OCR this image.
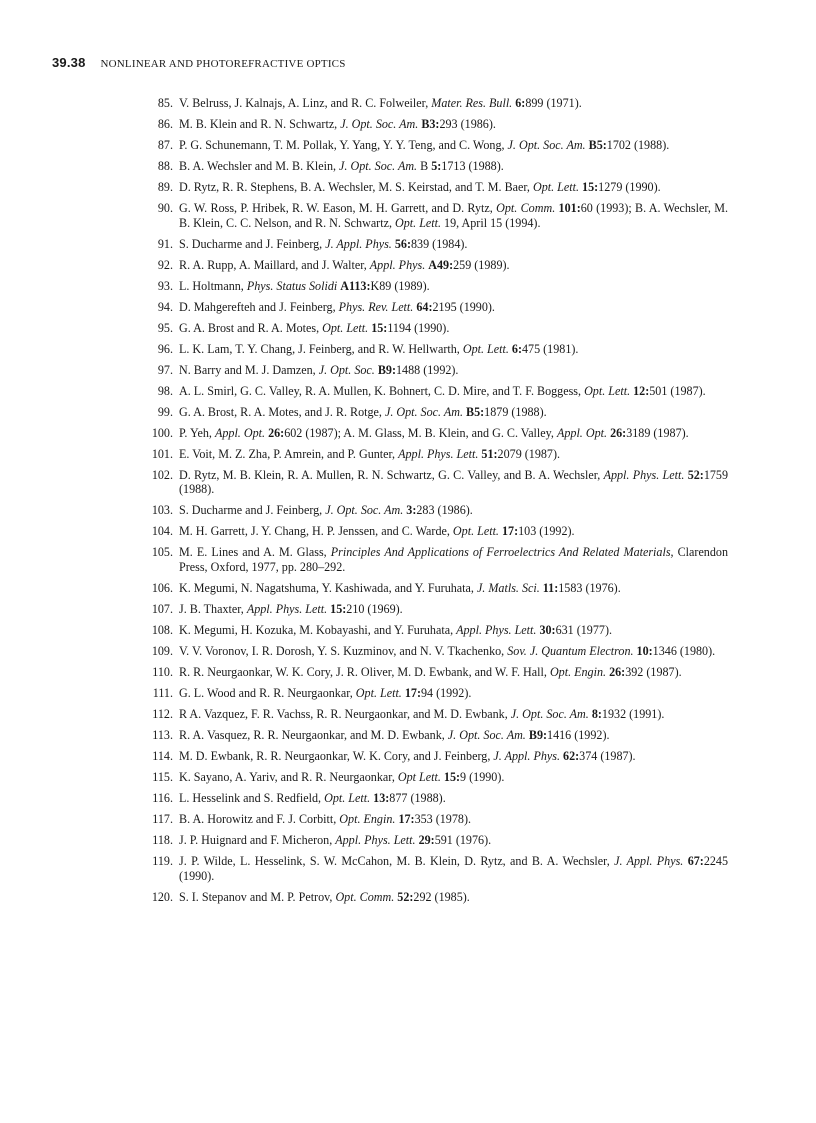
39.38 NONLINEAR AND PHOTOREFRACTIVE OPTICS
85. V. Belruss, J. Kalnajs, A. Linz, and R. C. Folweiler, Mater. Res. Bull. 6:899 (1971).
86. M. B. Klein and R. N. Schwartz, J. Opt. Soc. Am. B3:293 (1986).
87. P. G. Schunemann, T. M. Pollak, Y. Yang, Y. Y. Teng, and C. Wong, J. Opt. Soc. Am. B5:1702 (1988).
88. B. A. Wechsler and M. B. Klein, J. Opt. Soc. Am. B 5:1713 (1988).
89. D. Rytz, R. R. Stephens, B. A. Wechsler, M. S. Keirstad, and T. M. Baer, Opt. Lett. 15:1279 (1990).
90. G. W. Ross, P. Hribek, R. W. Eason, M. H. Garrett, and D. Rytz, Opt. Comm. 101:60 (1993); B. A. Wechsler, M. B. Klein, C. C. Nelson, and R. N. Schwartz, Opt. Lett. 19, April 15 (1994).
91. S. Ducharme and J. Feinberg, J. Appl. Phys. 56:839 (1984).
92. R. A. Rupp, A. Maillard, and J. Walter, Appl. Phys. A49:259 (1989).
93. L. Holtmann, Phys. Status Solidi A113:K89 (1989).
94. D. Mahgerefteh and J. Feinberg, Phys. Rev. Lett. 64:2195 (1990).
95. G. A. Brost and R. A. Motes, Opt. Lett. 15:1194 (1990).
96. L. K. Lam, T. Y. Chang, J. Feinberg, and R. W. Hellwarth, Opt. Lett. 6:475 (1981).
97. N. Barry and M. J. Damzen, J. Opt. Soc. B9:1488 (1992).
98. A. L. Smirl, G. C. Valley, R. A. Mullen, K. Bohnert, C. D. Mire, and T. F. Boggess, Opt. Lett. 12:501 (1987).
99. G. A. Brost, R. A. Motes, and J. R. Rotge, J. Opt. Soc. Am. B5:1879 (1988).
100. P. Yeh, Appl. Opt. 26:602 (1987); A. M. Glass, M. B. Klein, and G. C. Valley, Appl. Opt. 26:3189 (1987).
101. E. Voit, M. Z. Zha, P. Amrein, and P. Gunter, Appl. Phys. Lett. 51:2079 (1987).
102. D. Rytz, M. B. Klein, R. A. Mullen, R. N. Schwartz, G. C. Valley, and B. A. Wechsler, Appl. Phys. Lett. 52:1759 (1988).
103. S. Ducharme and J. Feinberg, J. Opt. Soc. Am. 3:283 (1986).
104. M. H. Garrett, J. Y. Chang, H. P. Jenssen, and C. Warde, Opt. Lett. 17:103 (1992).
105. M. E. Lines and A. M. Glass, Principles And Applications of Ferroelectrics And Related Materials, Clarendon Press, Oxford, 1977, pp. 280–292.
106. K. Megumi, N. Nagatshuma, Y. Kashiwada, and Y. Furuhata, J. Matls. Sci. 11:1583 (1976).
107. J. B. Thaxter, Appl. Phys. Lett. 15:210 (1969).
108. K. Megumi, H. Kozuka, M. Kobayashi, and Y. Furuhata, Appl. Phys. Lett. 30:631 (1977).
109. V. V. Voronov, I. R. Dorosh, Y. S. Kuzminov, and N. V. Tkachenko, Sov. J. Quantum Electron. 10:1346 (1980).
110. R. R. Neurgaonkar, W. K. Cory, J. R. Oliver, M. D. Ewbank, and W. F. Hall, Opt. Engin. 26:392 (1987).
111. G. L. Wood and R. R. Neurgaonkar, Opt. Lett. 17:94 (1992).
112. R A. Vazquez, F. R. Vachss, R. R. Neurgaonkar, and M. D. Ewbank, J. Opt. Soc. Am. 8:1932 (1991).
113. R. A. Vasquez, R. R. Neurgaonkar, and M. D. Ewbank, J. Opt. Soc. Am. B9:1416 (1992).
114. M. D. Ewbank, R. R. Neurgaonkar, W. K. Cory, and J. Feinberg, J. Appl. Phys. 62:374 (1987).
115. K. Sayano, A. Yariv, and R. R. Neurgaonkar, Opt Lett. 15:9 (1990).
116. L. Hesselink and S. Redfield, Opt. Lett. 13:877 (1988).
117. B. A. Horowitz and F. J. Corbitt, Opt. Engin. 17:353 (1978).
118. J. P. Huignard and F. Micheron, Appl. Phys. Lett. 29:591 (1976).
119. J. P. Wilde, L. Hesselink, S. W. McCahon, M. B. Klein, D. Rytz, and B. A. Wechsler, J. Appl. Phys. 67:2245 (1990).
120. S. I. Stepanov and M. P. Petrov, Opt. Comm. 52:292 (1985).
